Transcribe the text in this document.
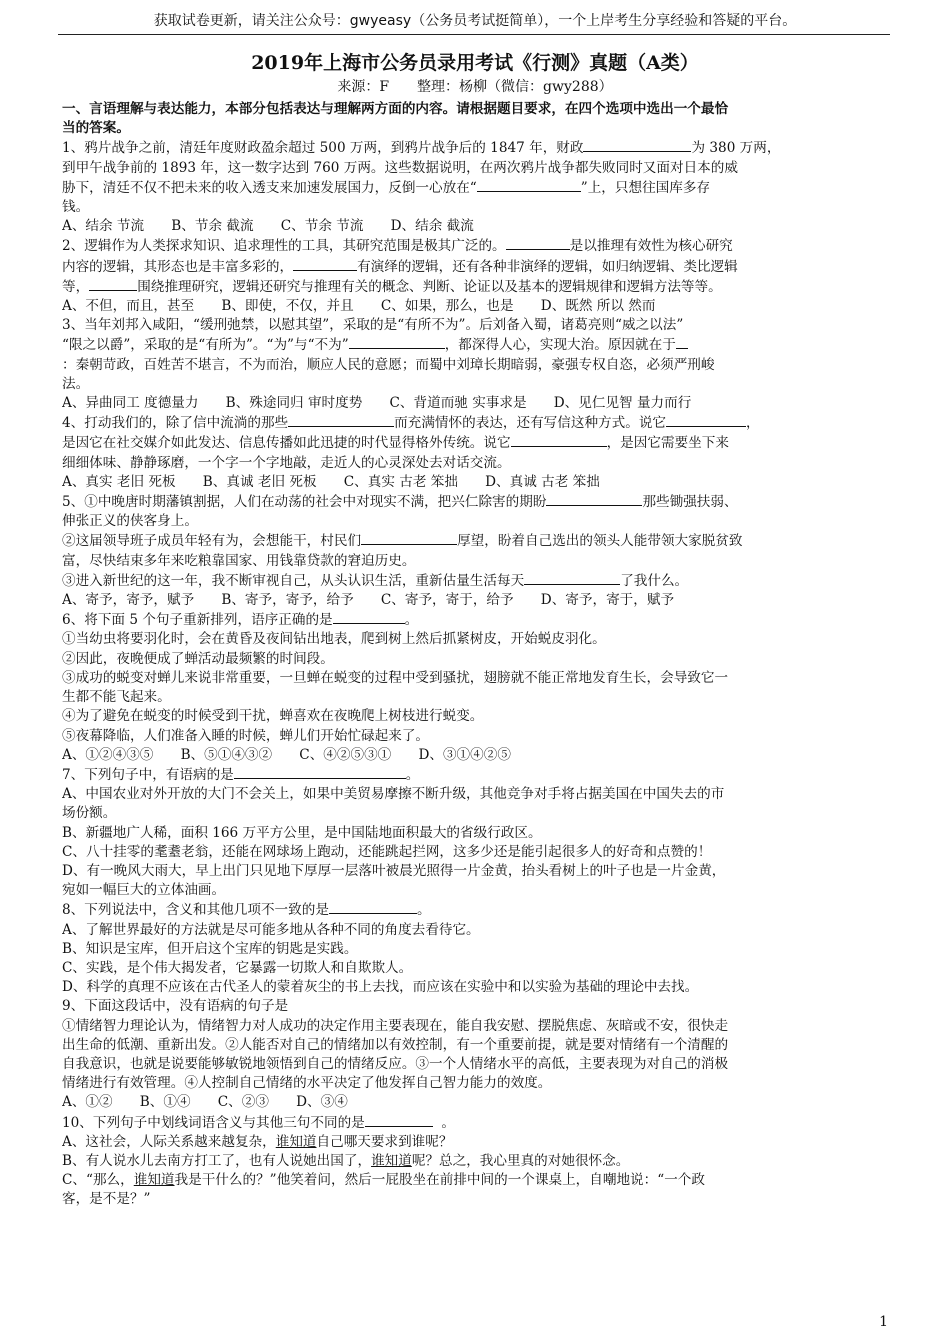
获取试卷更新，请关注公众号：gwyeasy（公务员考试挺简单），一个上岸考生分享经验和答疑的平台。
2019年上海市公务员录用考试《行测》真题（A类）
来源：F　　整理：杨柳（微信：gwy288）
一、言语理解与表达能力，本部分包括表达与理解两方面的内容。请根据题目要求，在四个选项中选出一个最恰
当的答案。
1、鸦片战争之前，清廷年度财政盈余超过 500 万两，到鸦片战争后的 1847 年，财政	为 380 万两，
到甲午战争前的 1893 年，这一数字达到 760 万两。这些数据说明，在两次鸦片战争都失败同时又面对日本的威
胁下，清廷不仅不把未来的收入透支来加速发展国力，反倒一心放在“	”上，只想往国库多存
钱。
A、结余 节流　　B、节余 截流　　C、节余 节流　　D、结余 截流
2、逻辑作为人类探求知识、追求理性的工具，其研究范围是极其广泛的。	是以推理有效性为核心研究
内容的逻辑，其形态也是丰富多彩的，	有演绎的逻辑，还有各种非演绎的逻辑，如归纳逻辑、类比逻辑
等，	围绕推理研究，逻辑还研究与推理有关的概念、判断、论证以及基本的逻辑规律和逻辑方法等等。
A、不但，而且，甚至　　B、即使，不仅，并且　　C、如果，那么，也是　　D、既然 所以 然而
3、当年刘邦入咸阳，“缓刑弛禁，以慰其望”，采取的是“有所不为”。后刘备入蜀，诸葛亮则“威之以法”
“限之以爵”，采取的是“有所为”。“为”与“不为”	，都深得人心，实现大治。原因就在于
：秦朝苛政，百姓苦不堪言，不为而治，顺应人民的意愿；而蜀中刘璋长期暗弱，豪强专权自恣，必须严刑峻
法。
A、异曲同工 度德量力　　B、殊途同归 审时度势　　C、背道而驰 实事求是　　D、见仁见智 量力而行
4、打动我们的，除了信中流淌的那些	而充满情怀的表达，还有写信这种方式。说它	，
是因它在社交媒介如此发达、信息传播如此迅捷的时代显得格外传统。说它	，是因它需要坐下来
细细体味、静静琢磨，一个字一个字地敲，走近人的心灵深处去对话交流。
A、真实 老旧 死板　　B、真诚 老旧 死板　　C、真实 古老 笨拙　　D、真诚 古老 笨拙
5、①中晚唐时期藩镇割据，人们在动荡的社会中对现实不满，把兴仁除害的期盼	那些锄强扶弱、
伸张正义的侠客身上。
②这届领导班子成员年轻有为，会想能干，村民们	厚望，盼着自己选出的领头人能带领大家脱贫致
富，尽快结束多年来吃粮靠国家、用钱靠贷款的窘迫历史。
③进入新世纪的这一年，我不断审视自己，从头认识生活，重新估量生活每天	了我什么。
A、寄予，寄予，赋予　　B、寄予，寄予，给予　　C、寄予，寄于，给予　　D、寄予，寄于，赋予
6、将下面 5 个句子重新排列，语序正确的是	。
①当幼虫将要羽化时，会在黄昏及夜间钻出地表，爬到树上然后抓紧树皮，开始蜕皮羽化。
②因此，夜晚便成了蝉活动最频繁的时间段。
③成功的蜕变对蝉儿来说非常重要，一旦蝉在蜕变的过程中受到骚扰，翅膀就不能正常地发育生长，会导致它一
生都不能飞起来。
④为了避免在蜕变的时候受到干扰，蝉喜欢在夜晚爬上树枝进行蜕变。
⑤夜幕降临，人们准备入睡的时候，蝉儿们开始忙碌起来了。
A、①②④③⑤　　B、⑤①④③②　　C、④②⑤③①　　D、③①④②⑤
7、下列句子中，有语病的是	。
A、中国农业对外开放的大门不会关上，如果中美贸易摩擦不断升级，其他竞争对手将占据美国在中国失去的市
场份额。
B、新疆地广人稀，面积 166 万平方公里，是中国陆地面积最大的省级行政区。
C、八十挂零的耄耋老翁，还能在网球场上跑动，还能跳起拦网，这多少还是能引起很多人的好奇和点赞的！
D、有一晚风大雨大，早上出门只见地下厚厚一层落叶被晨光照得一片金黄，抬头看树上的叶子也是一片金黄，
宛如一幅巨大的立体油画。
8、下列说法中，含义和其他几项不一致的是	。
A、了解世界最好的方法就是尽可能多地从各种不同的角度去看待它。
B、知识是宝库，但开启这个宝库的钥匙是实践。
C、实践，是个伟大揭发者，它暴露一切欺人和自欺欺人。
D、科学的真理不应该在古代圣人的蒙着灰尘的书上去找，而应该在实验中和以实验为基础的理论中去找。
9、下面这段话中，没有语病的句子是
①情绪智力理论认为，情绪智力对人成功的决定作用主要表现在，能自我安慰、摆脱焦虑、灰暗或不安，很快走
出生命的低潮、重新出发。②人能否对自己的情绪加以有效控制，有一个重要前提，就是要对情绪有一个清醒的
自我意识，也就是说要能够敏锐地领悟到自己的情绪反应。③一个人情绪水平的高低，主要表现为对自己的消极
情绪进行有效管理。④人控制自己情绪的水平决定了他发挥自己智力能力的效度。
A、①②　　B、①④　　C、②③　　D、③④
10、下列句子中划线词语含义与其他三句不同的是	。
A、这社会，人际关系越来越复杂，谁知道自己哪天要求到谁呢？
B、有人说水儿去南方打工了，也有人说她出国了，谁知道呢？总之，我心里真的对她很怀念。
C、“那么，谁知道我是干什么的？”他笑着问，然后一屁股坐在前排中间的一个课桌上，自嘲地说：“一个政
客，是不是？”
1
